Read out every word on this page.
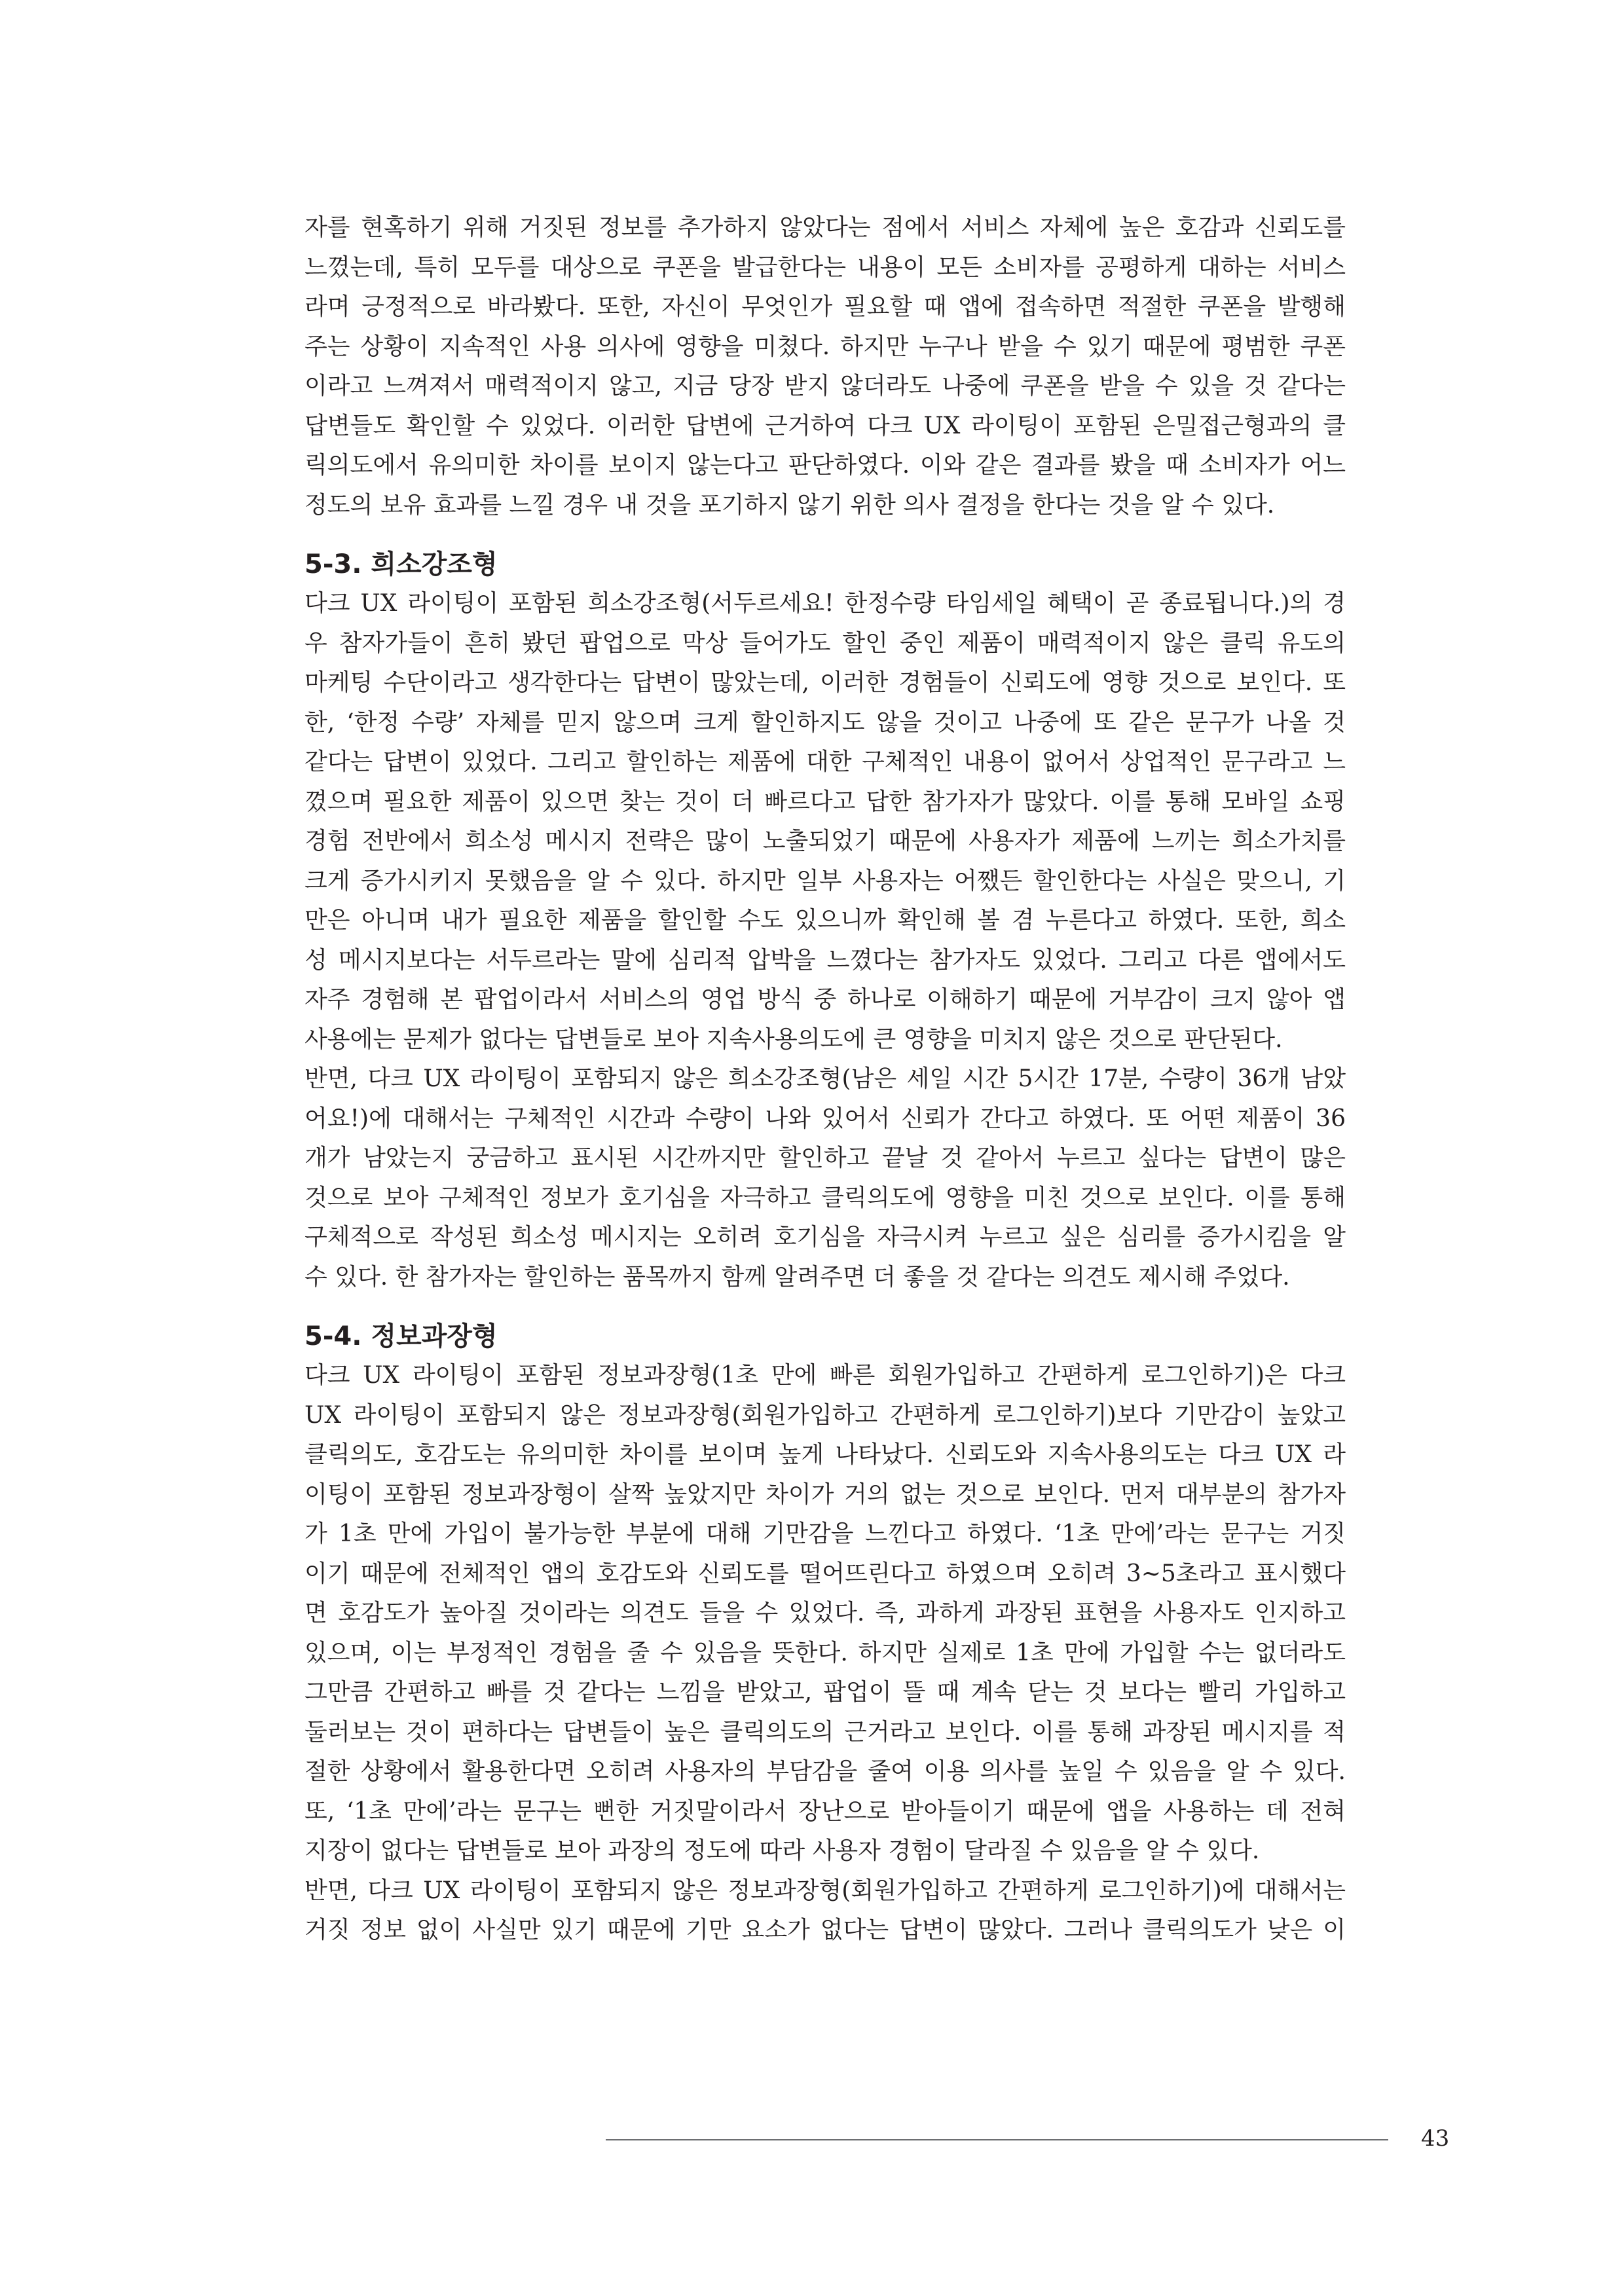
자를 현혹하기 위해 거짓된 정보를 추가하지 않았다는 점에서 서비스 자체에 높은 호감과 신뢰도를
느꼈는데, 특히 모두를 대상으로 쿠폰을 발급한다는 내용이 모든 소비자를 공평하게 대하는 서비스
라며 긍정적으로 바라봤다. 또한, 자신이 무엇인가 필요할 때 앱에 접속하면 적절한 쿠폰을 발행해
주는 상황이 지속적인 사용 의사에 영향을 미쳤다. 하지만 누구나 받을 수 있기 때문에 평범한 쿠폰
이라고 느껴져서 매력적이지 않고, 지금 당장 받지 않더라도 나중에 쿠폰을 받을 수 있을 것 같다는
답변들도 확인할 수 있었다. 이러한 답변에 근거하여 다크 UX 라이팅이 포함된 은밀접근형과의 클
릭의도에서 유의미한 차이를 보이지 않는다고 판단하였다. 이와 같은 결과를 봤을 때 소비자가 어느
정도의 보유 효과를 느낄 경우 내 것을 포기하지 않기 위한 의사 결정을 한다는 것을 알 수 있다.
5-3. 희소강조형
다크 UX 라이팅이 포함된 희소강조형(서두르세요! 한정수량 타임세일 혜택이 곧 종료됩니다.)의 경
우 참자가들이 흔히 봤던 팝업으로 막상 들어가도 할인 중인 제품이 매력적이지 않은 클릭 유도의
마케팅 수단이라고 생각한다는 답변이 많았는데, 이러한 경험들이 신뢰도에 영향 것으로 보인다. 또
한, ‘한정 수량’ 자체를 믿지 않으며 크게 할인하지도 않을 것이고 나중에 또 같은 문구가 나올 것
같다는 답변이 있었다. 그리고 할인하는 제품에 대한 구체적인 내용이 없어서 상업적인 문구라고 느
꼈으며 필요한 제품이 있으면 찾는 것이 더 빠르다고 답한 참가자가 많았다. 이를 통해 모바일 쇼핑
경험 전반에서 희소성 메시지 전략은 많이 노출되었기 때문에 사용자가 제품에 느끼는 희소가치를
크게 증가시키지 못했음을 알 수 있다. 하지만 일부 사용자는 어쨌든 할인한다는 사실은 맞으니, 기
만은 아니며 내가 필요한 제품을 할인할 수도 있으니까 확인해 볼 겸 누른다고 하였다. 또한, 희소
성 메시지보다는 서두르라는 말에 심리적 압박을 느꼈다는 참가자도 있었다. 그리고 다른 앱에서도
자주 경험해 본 팝업이라서 서비스의 영업 방식 중 하나로 이해하기 때문에 거부감이 크지 않아 앱
사용에는 문제가 없다는 답변들로 보아 지속사용의도에 큰 영향을 미치지 않은 것으로 판단된다.
반면, 다크 UX 라이팅이 포함되지 않은 희소강조형(남은 세일 시간 5시간 17분, 수량이 36개 남았
어요!)에 대해서는 구체적인 시간과 수량이 나와 있어서 신뢰가 간다고 하였다. 또 어떤 제품이 36
개가 남았는지 궁금하고 표시된 시간까지만 할인하고 끝날 것 같아서 누르고 싶다는 답변이 많은
것으로 보아 구체적인 정보가 호기심을 자극하고 클릭의도에 영향을 미친 것으로 보인다. 이를 통해
구체적으로 작성된 희소성 메시지는 오히려 호기심을 자극시켜 누르고 싶은 심리를 증가시킴을 알
수 있다. 한 참가자는 할인하는 품목까지 함께 알려주면 더 좋을 것 같다는 의견도 제시해 주었다.
5-4. 정보과장형
다크 UX 라이팅이 포함된 정보과장형(1초 만에 빠른 회원가입하고 간편하게 로그인하기)은 다크
UX 라이팅이 포함되지 않은 정보과장형(회원가입하고 간편하게 로그인하기)보다 기만감이 높았고
클릭의도, 호감도는 유의미한 차이를 보이며 높게 나타났다. 신뢰도와 지속사용의도는 다크 UX 라
이팅이 포함된 정보과장형이 살짝 높았지만 차이가 거의 없는 것으로 보인다. 먼저 대부분의 참가자
가 1초 만에 가입이 불가능한 부분에 대해 기만감을 느낀다고 하였다. ‘1초 만에’라는 문구는 거짓
이기 때문에 전체적인 앱의 호감도와 신뢰도를 떨어뜨린다고 하였으며 오히려 3~5초라고 표시했다
면 호감도가 높아질 것이라는 의견도 들을 수 있었다. 즉, 과하게 과장된 표현을 사용자도 인지하고
있으며, 이는 부정적인 경험을 줄 수 있음을 뜻한다. 하지만 실제로 1초 만에 가입할 수는 없더라도
그만큼 간편하고 빠를 것 같다는 느낌을 받았고, 팝업이 뜰 때 계속 닫는 것 보다는 빨리 가입하고
둘러보는 것이 편하다는 답변들이 높은 클릭의도의 근거라고 보인다. 이를 통해 과장된 메시지를 적
절한 상황에서 활용한다면 오히려 사용자의 부담감을 줄여 이용 의사를 높일 수 있음을 알 수 있다.
또, ‘1초 만에’라는 문구는 뻔한 거짓말이라서 장난으로 받아들이기 때문에 앱을 사용하는 데 전혀
지장이 없다는 답변들로 보아 과장의 정도에 따라 사용자 경험이 달라질 수 있음을 알 수 있다.
반면, 다크 UX 라이팅이 포함되지 않은 정보과장형(회원가입하고 간편하게 로그인하기)에 대해서는
거짓 정보 없이 사실만 있기 때문에 기만 요소가 없다는 답변이 많았다. 그러나 클릭의도가 낮은 이
43
